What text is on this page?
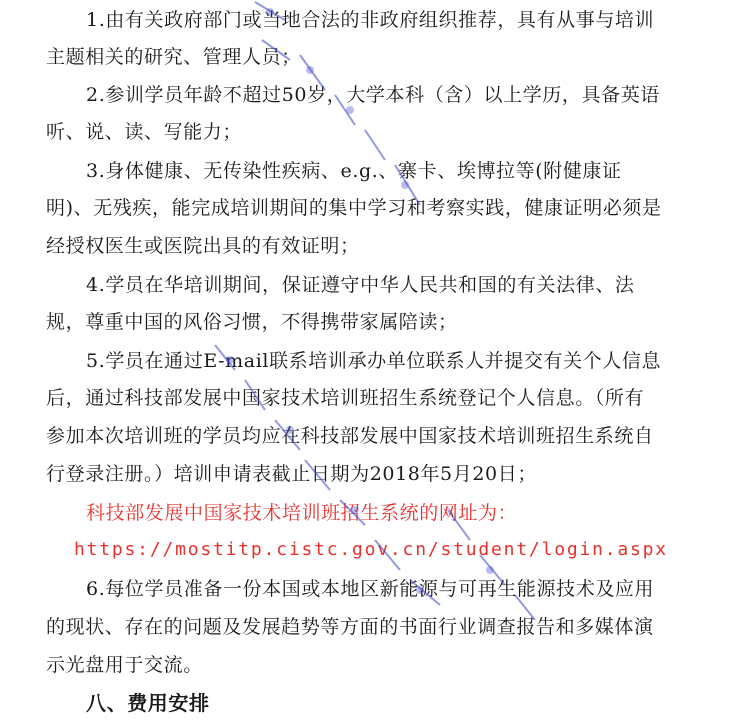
1.由有关政府部门或当地合法的非政府组织推荐，具有从事与培训
主题相关的研究、管理人员；
2.参训学员年龄不超过50岁，大学本科（含）以上学历，具备英语
听、说、读、写能力；
3.身体健康、无传染性疾病、e.g.、寨卡、埃博拉等(附健康证
明)、无残疾，能完成培训期间的集中学习和考察实践，健康证明必须是
经授权医生或医院出具的有效证明；
4.学员在华培训期间，保证遵守中华人民共和国的有关法律、法
规，尊重中国的风俗习惯，不得携带家属陪读；
5.学员在通过E-mail联系培训承办单位联系人并提交有关个人信息
后，通过科技部发展中国家技术培训班招生系统登记个人信息。（所有
参加本次培训班的学员均应在科技部发展中国家技术培训班招生系统自
行登录注册。）培训申请表截止日期为2018年5月20日；
科技部发展中国家技术培训班招生系统的网址为：
https://mostitp.cistc.gov.cn/student/login.aspx
6.每位学员准备一份本国或本地区新能源与可再生能源技术及应用
的现状、存在的问题及发展趋势等方面的书面行业调查报告和多媒体演
示光盘用于交流。
八、费用安排
